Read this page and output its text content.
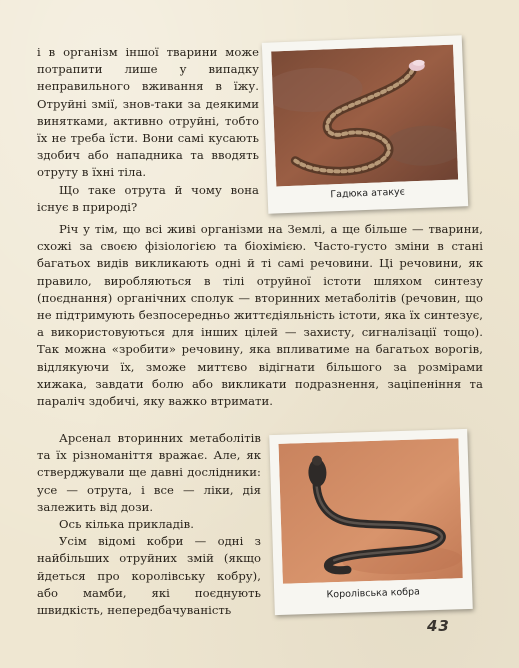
і в організм іншої тварини може потрапити лише у випадку неправильного вживання в їжу. Отруйні змії, знов-таки за деякими винятками, активно отруйні, тобто їх не треба їсти. Вони самі кусають здобич або нападника та вводять отруту в їхні тіла.

Що таке отрута й чому вона існує в природі?

Гадюка атакує

Річ у тім, що всі живі організми на Землі, а ще більше — тварини, схожі за своєю фізіологією та біохімією. Часто-густо зміни в стані багатьох видів викликають одні й ті самі речовини. Ці речовини, як правило, виробляються в тілі отруйної істоти шляхом синтезу (поєднання) органічних сполук — вторинних метаболітів (речовин, що не підтримують безпосередньо життєдіяльність істоти, яка їх синтезує, а використовуються для інших цілей — захисту, сигналізації тощо). Так можна «зробити» речовину, яка впливатиме на багатьох ворогів, відлякуючи їх, зможе миттєво відігнати більшого за розмірами хижака, завдати болю або викликати подразнення, заціпеніння та параліч здобичі, яку важко втримати.

Арсенал вторинних метаболітів та їх різноманіття вражає. Але, як стверджували ще давні дослідники: усе — отрута, і все — ліки, дія залежить від дози.

Ось кілька прикладів.

Усім відомі кобри — одні з найбільших отруйних змій (якщо йдеться про королівську кобру), або мамби, які поєднують швидкість, непередбачуваність

Королівська кобра
43
